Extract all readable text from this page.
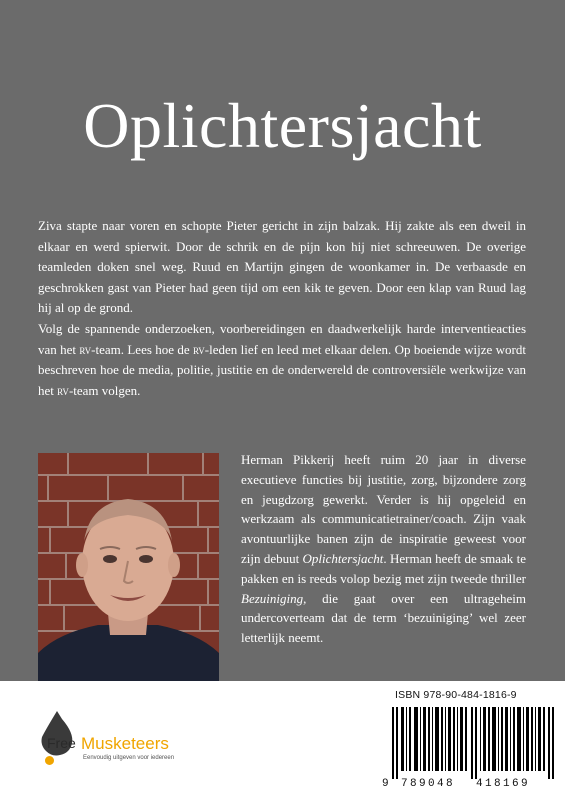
Oplichtersjacht

Ziva stapte naar voren en schopte Pieter gericht in zijn balzak. Hij zakte als een dweil in elkaar en werd spierwit. Door de schrik en de pijn kon hij niet schreeuwen. De overige teamleden doken snel weg. Ruud en Martijn gingen de woonkamer in. De verbaasde en geschrokken gast van Pieter had geen tijd om een kik te geven. Door een klap van Ruud lag hij al op de grond.

Volg de spannende onderzoeken, voorbereidingen en daadwerkelijk harde interventieacties van het rv-team. Lees hoe de rv-leden lief en leed met elkaar delen. Op boeiende wijze wordt beschreven hoe de media, politie, justitie en de onderwereld de controversiële werkwijze van het rv-team volgen.

Herman Pikkerij heeft ruim 20 jaar in diverse executieve functies bij justitie, zorg, bijzondere zorg en jeugdzorg gewerkt. Verder is hij opgeleid en werkzaam als communicatietrainer/coach. Zijn vaak avontuurlijke banen zijn de inspiratie geweest voor zijn debuut Oplichtersjacht. Herman heeft de smaak te pakken en is reeds volop bezig met zijn tweede thriller Bezuiniging, die gaat over een ultrageheim undercoverteam dat de term ‘bezuiniging’ wel zeer letterlijk neemt.

Free Musketeers
Eenvoudig uitgeven voor iedereen
ISBN 978-90-484-1816-9
9 789048 418169
